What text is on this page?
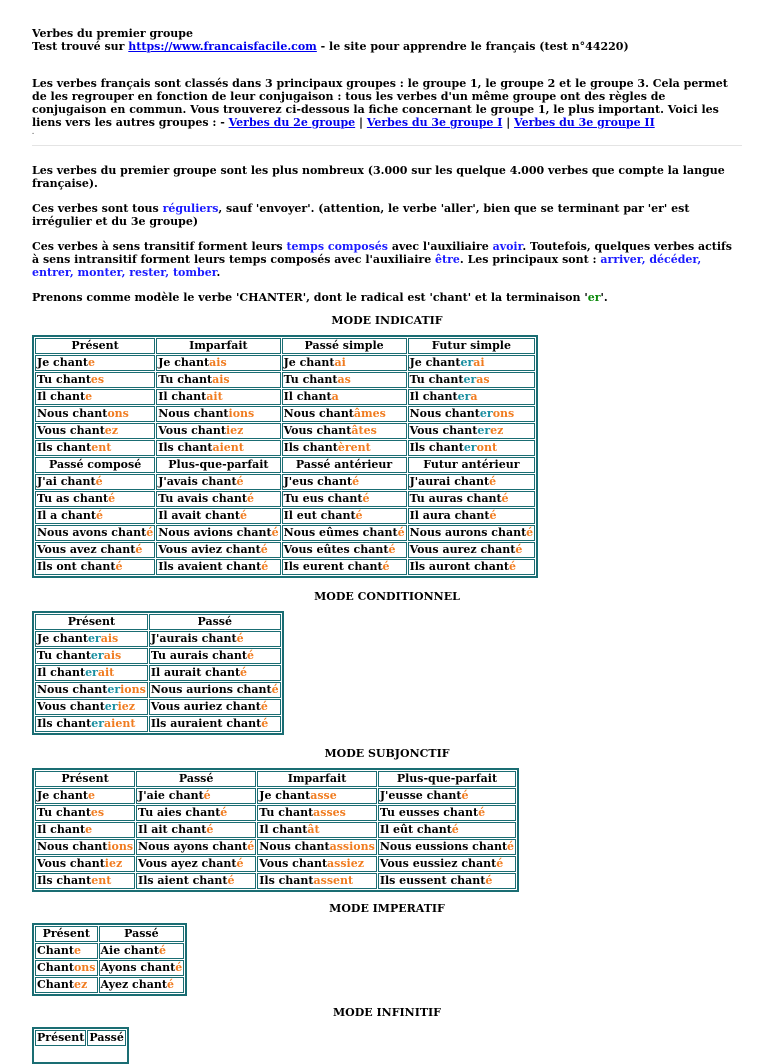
Verbes du premier groupe

Test trouvé sur https://www.francaisfacile.com - le site pour apprendre le français (test n°44220)

Les verbes français sont classés dans 3 principaux groupes : le groupe 1, le groupe 2 et le groupe 3. Cela permet de les regrouper en fonction de leur conjugaison : tous les verbes d'un même groupe ont des règles de conjugaison en commun. Vous trouverez ci-dessous la fiche concernant le groupe 1, le plus important. Voici les liens vers les autres groupes : - Verbes du 2e groupe | Verbes du 3e groupe I | Verbes du 3e groupe II

.

Les verbes du premier groupe sont les plus nombreux (3.000 sur les quelque 4.000 verbes que compte la langue française).

Ces verbes sont tous réguliers, sauf 'envoyer'. (attention, le verbe 'aller', bien que se terminant par 'er' est irrégulier et du 3e groupe)

Ces verbes à sens transitif forment leurs temps composés avec l'auxiliaire avoir. Toutefois, quelques verbes actifs à sens intransitif forment leurs temps composés avec l'auxiliaire être. Les principaux sont : arriver, décéder, entrer, monter, rester, tomber.

Prenons comme modèle le verbe 'CHANTER', dont le radical est 'chant' et la terminaison 'er'.

MODE INDICATIF

Présent	Imparfait	Passé simple	Futur simple
Je chante	Je chantais	Je chantai	Je chanterai
Tu chantes	Tu chantais	Tu chantas	Tu chanteras
Il chante	Il chantait	Il chanta	Il chantera
Nous chantons	Nous chantions	Nous chantâmes	Nous chanterons
Vous chantez	Vous chantiez	Vous chantâtes	Vous chanterez
Ils chantent	Ils chantaient	Ils chantèrent	Ils chanteront
Passé composé	Plus-que-parfait	Passé antérieur	Futur antérieur
J'ai chanté	J'avais chanté	J'eus chanté	J'aurai chanté
Tu as chanté	Tu avais chanté	Tu eus chanté	Tu auras chanté
Il a chanté	Il avait chanté	Il eut chanté	Il aura chanté
Nous avons chanté	Nous avions chanté	Nous eûmes chanté	Nous aurons chanté
Vous avez chanté	Vous aviez chanté	Vous eûtes chanté	Vous aurez chanté
Ils ont chanté	Ils avaient chanté	Ils eurent chanté	Ils auront chanté

MODE CONDITIONNEL

Présent	Passé
Je chanterais	J'aurais chanté
Tu chanterais	Tu aurais chanté
Il chanterait	Il aurait chanté
Nous chanterions	Nous aurions chanté
Vous chanteriez	Vous auriez chanté
Ils chanteraient	Ils auraient chanté

MODE SUBJONCTIF

Présent	Passé	Imparfait	Plus-que-parfait
Je chante	J'aie chanté	Je chantasse	J'eusse chanté
Tu chantes	Tu aies chanté	Tu chantasses	Tu eusses chanté
Il chante	Il ait chanté	Il chantât	Il eût chanté
Nous chantions	Nous ayons chanté	Nous chantassions	Nous eussions chanté
Vous chantiez	Vous ayez chanté	Vous chantassiez	Vous eussiez chanté
Ils chantent	Ils aient chanté	Ils chantassent	Ils eussent chanté

MODE IMPERATIF

Présent	Passé
Chante	Aie chanté
Chantons	Ayons chanté
Chantez	Ayez chanté

MODE INFINITIF

Présent	Passé
